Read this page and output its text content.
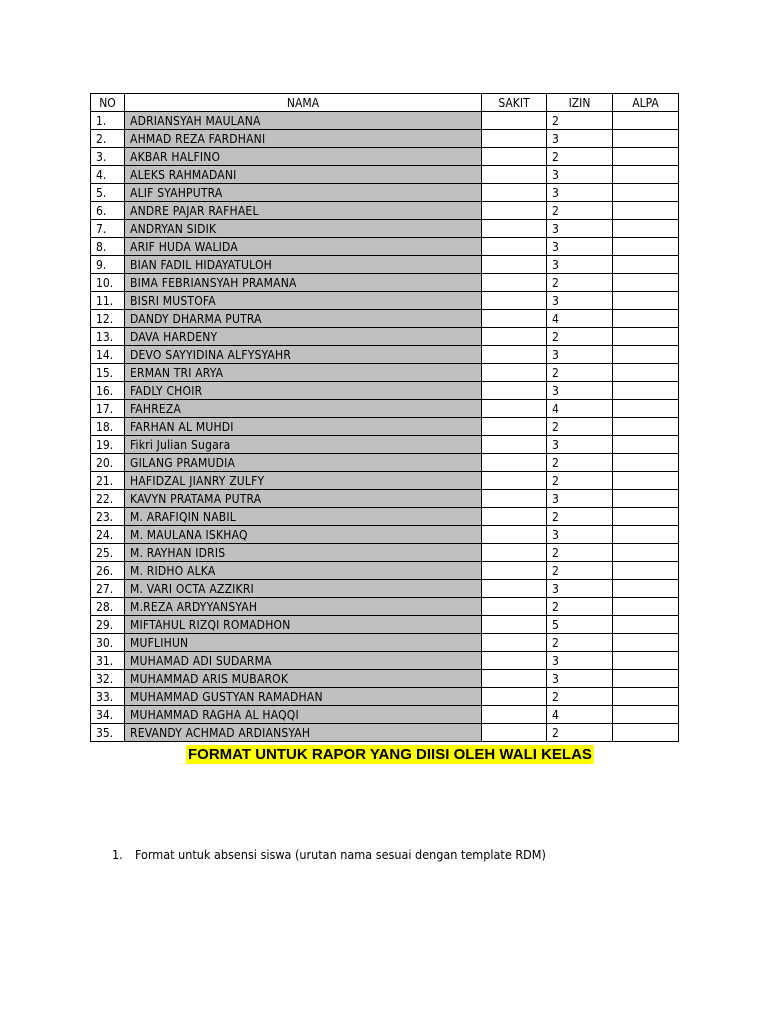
NO	NAMA	SAKIT	IZIN	ALPA
1.	ADRIANSYAH MAULANA		2	
2.	AHMAD REZA FARDHANI		3	
3.	AKBAR HALFINO		2	
4.	ALEKS RAHMADANI		3	
5.	ALIF SYAHPUTRA		3	
6.	ANDRE PAJAR RAFHAEL		2	
7.	ANDRYAN SIDIK		3	
8.	ARIF HUDA WALIDA		3	
9.	BIAN FADIL HIDAYATULOH		3	
10.	BIMA FEBRIANSYAH PRAMANA		2	
11.	BISRI MUSTOFA		3	
12.	DANDY DHARMA PUTRA		4	
13.	DAVA HARDENY		2	
14.	DEVO SAYYIDINA ALFYSYAHR		3	
15.	ERMAN TRI ARYA		2	
16.	FADLY CHOIR		3	
17.	FAHREZA		4	
18.	FARHAN AL MUHDI		2	
19.	Fikri Julian Sugara		3	
20.	GILANG PRAMUDIA		2	
21.	HAFIDZAL JIANRY ZULFY		2	
22.	KAVYN PRATAMA PUTRA		3	
23.	M. ARAFIQIN NABIL		2	
24.	M. MAULANA ISKHAQ		3	
25.	M. RAYHAN IDRIS		2	
26.	M. RIDHO ALKA		2	
27.	M. VARI OCTA AZZIKRI		3	
28.	M.REZA ARDYYANSYAH		2	
29.	MIFTAHUL RIZQI ROMADHON		5	
30.	MUFLIHUN		2	
31.	MUHAMAD ADI SUDARMA		3	
32.	MUHAMMAD ARIS MUBAROK		3	
33.	MUHAMMAD GUSTYAN RAMADHAN		2	
34.	MUHAMMAD RAGHA AL HAQQI		4	
35.	REVANDY ACHMAD ARDIANSYAH		2	
FORMAT UNTUK RAPOR YANG DIISI OLEH WALI KELAS
1. Format untuk absensi siswa (urutan nama sesuai dengan template RDM)
